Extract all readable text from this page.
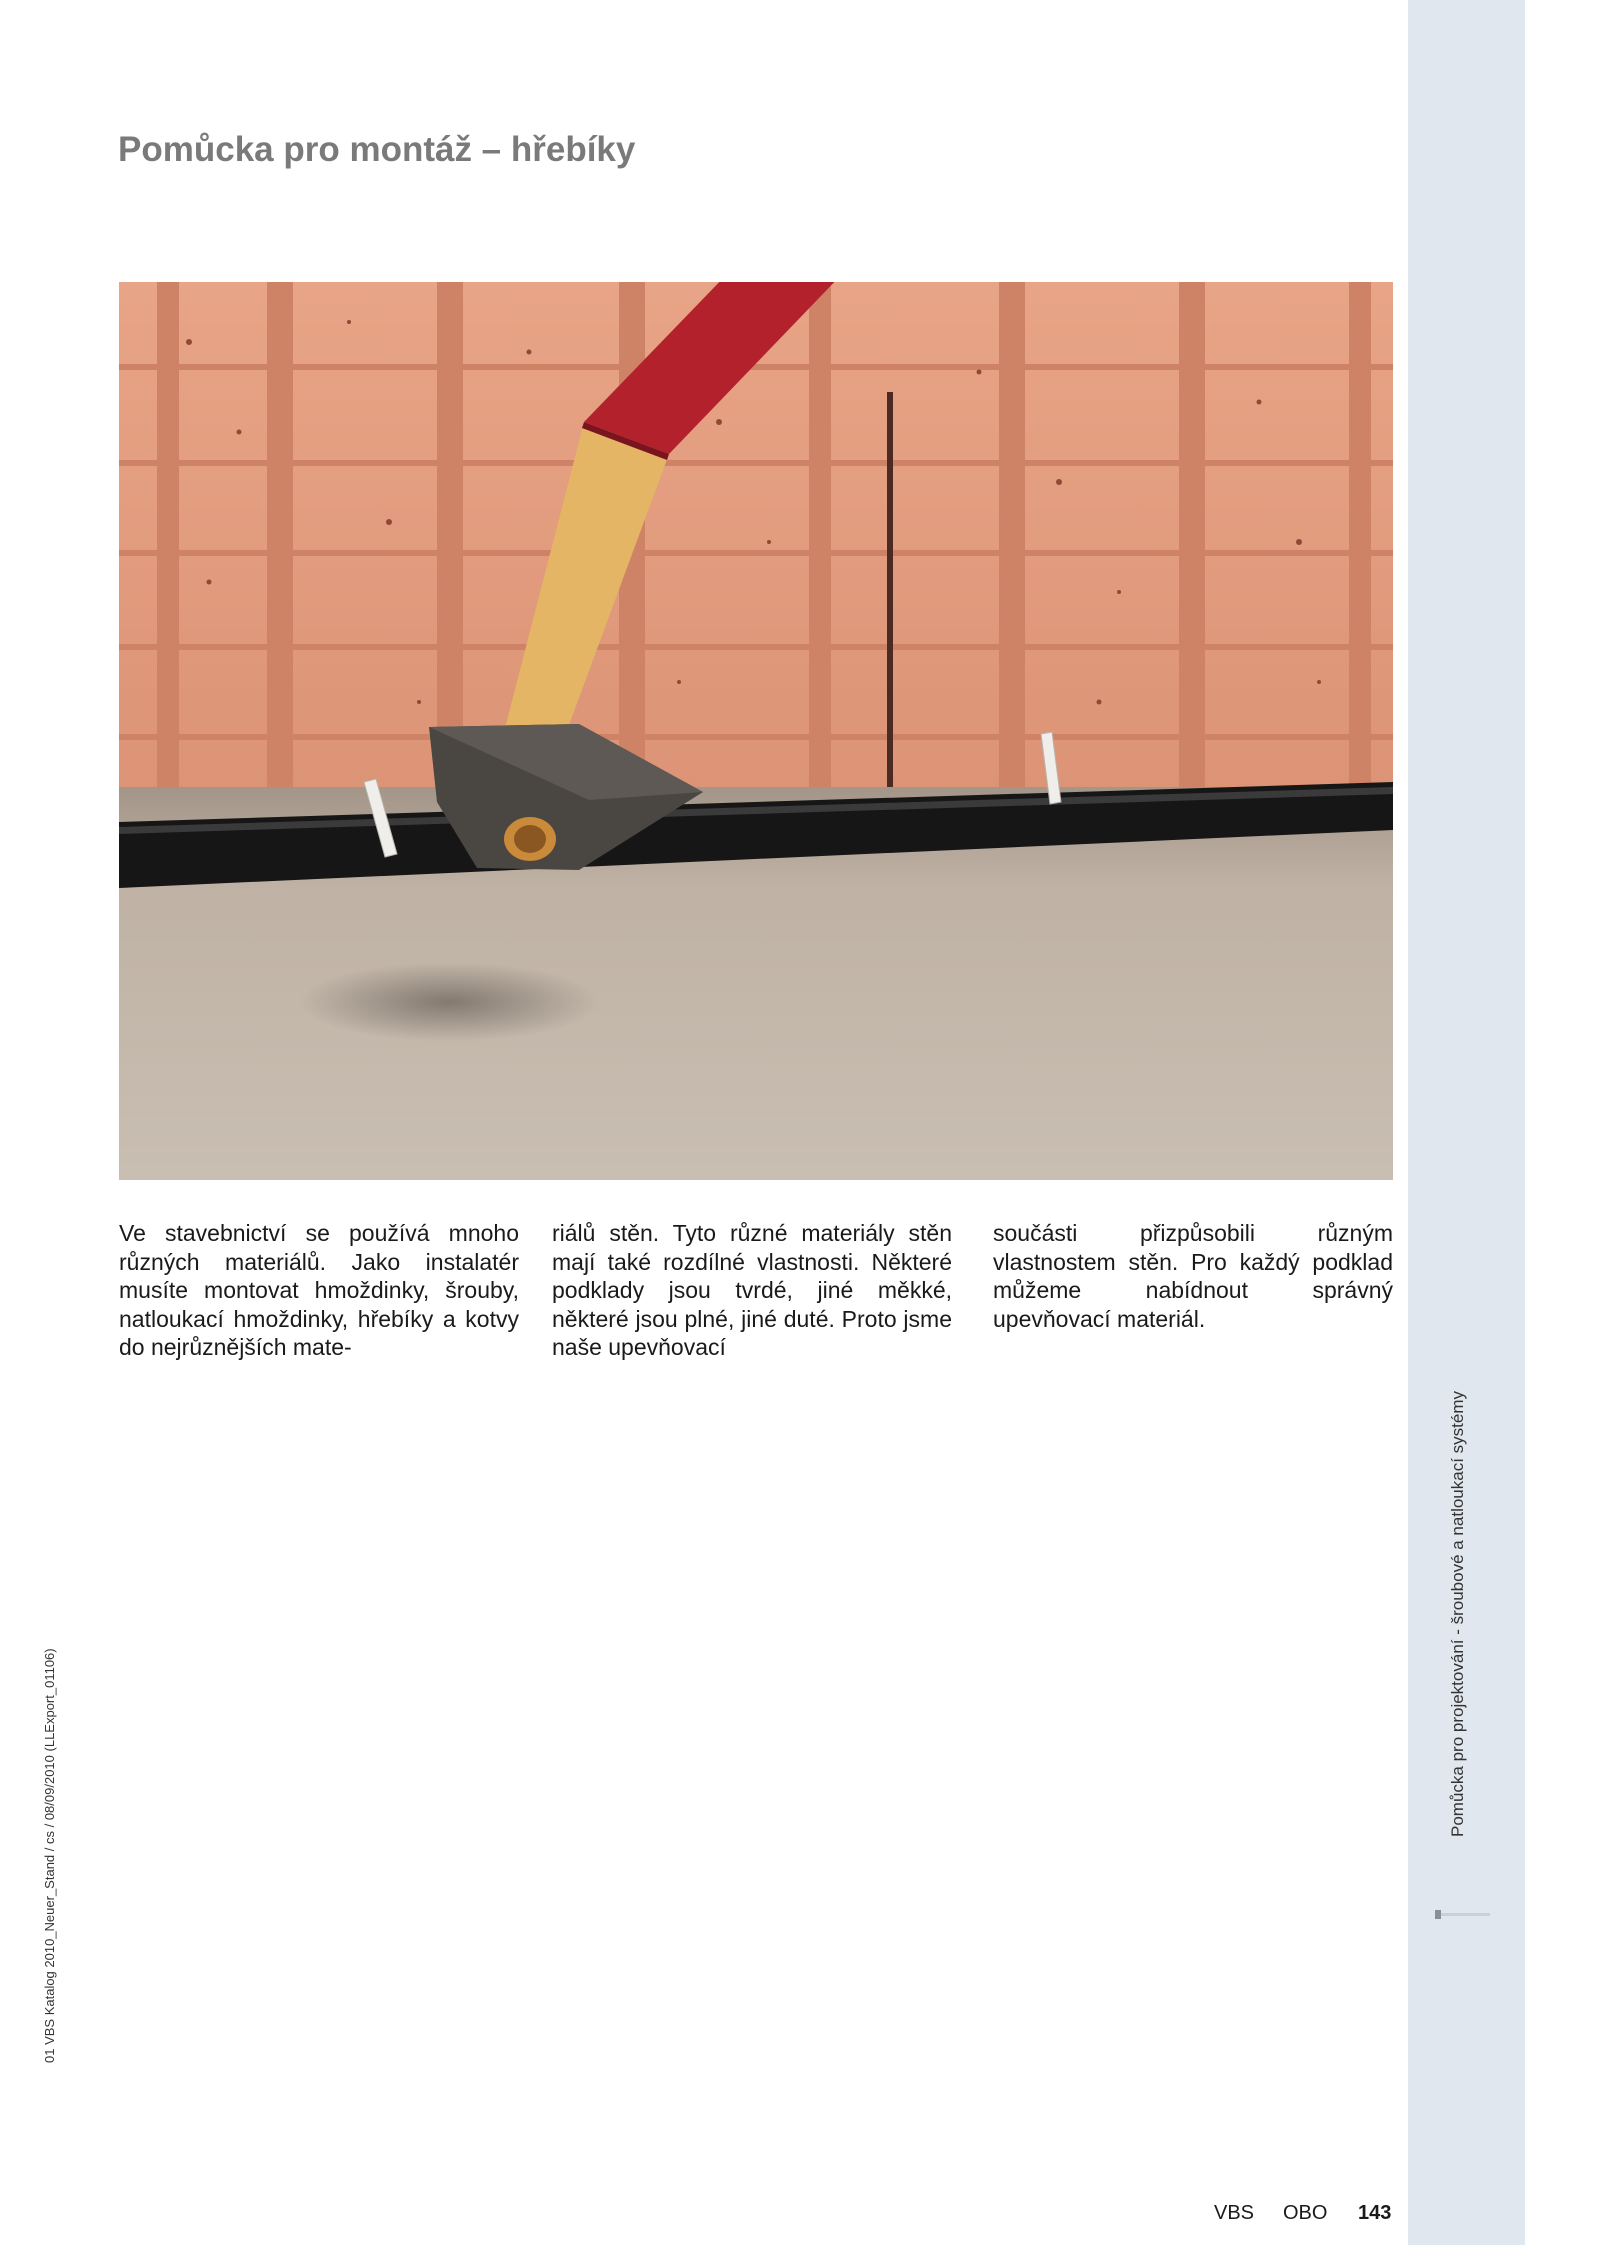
Pomůcka pro projektování - šroubové a natloukací systémy
01 VBS Katalog 2010_Neuer_Stand / cs / 08/09/2010 (LLExport_01106)
Pomůcka pro montáž – hřebíky

Ve stavebnictví se používá mnoho různých materiálů. Jako instalatér musíte montovat hmoždinky, šrouby, natloukací hmoždinky, hřebíky a kotvy do nejrůznějších mate-

riálů stěn. Tyto různé materiály stěn mají také rozdílné vlastnosti. Některé podklady jsou tvrdé, jiné měkké, některé jsou plné, jiné duté. Proto jsme naše upevňovací

součásti přizpůsobili různým vlastnostem stěn. Pro každý podklad můžeme nabídnout správný upevňovací materiál.

VBS OBO 143
